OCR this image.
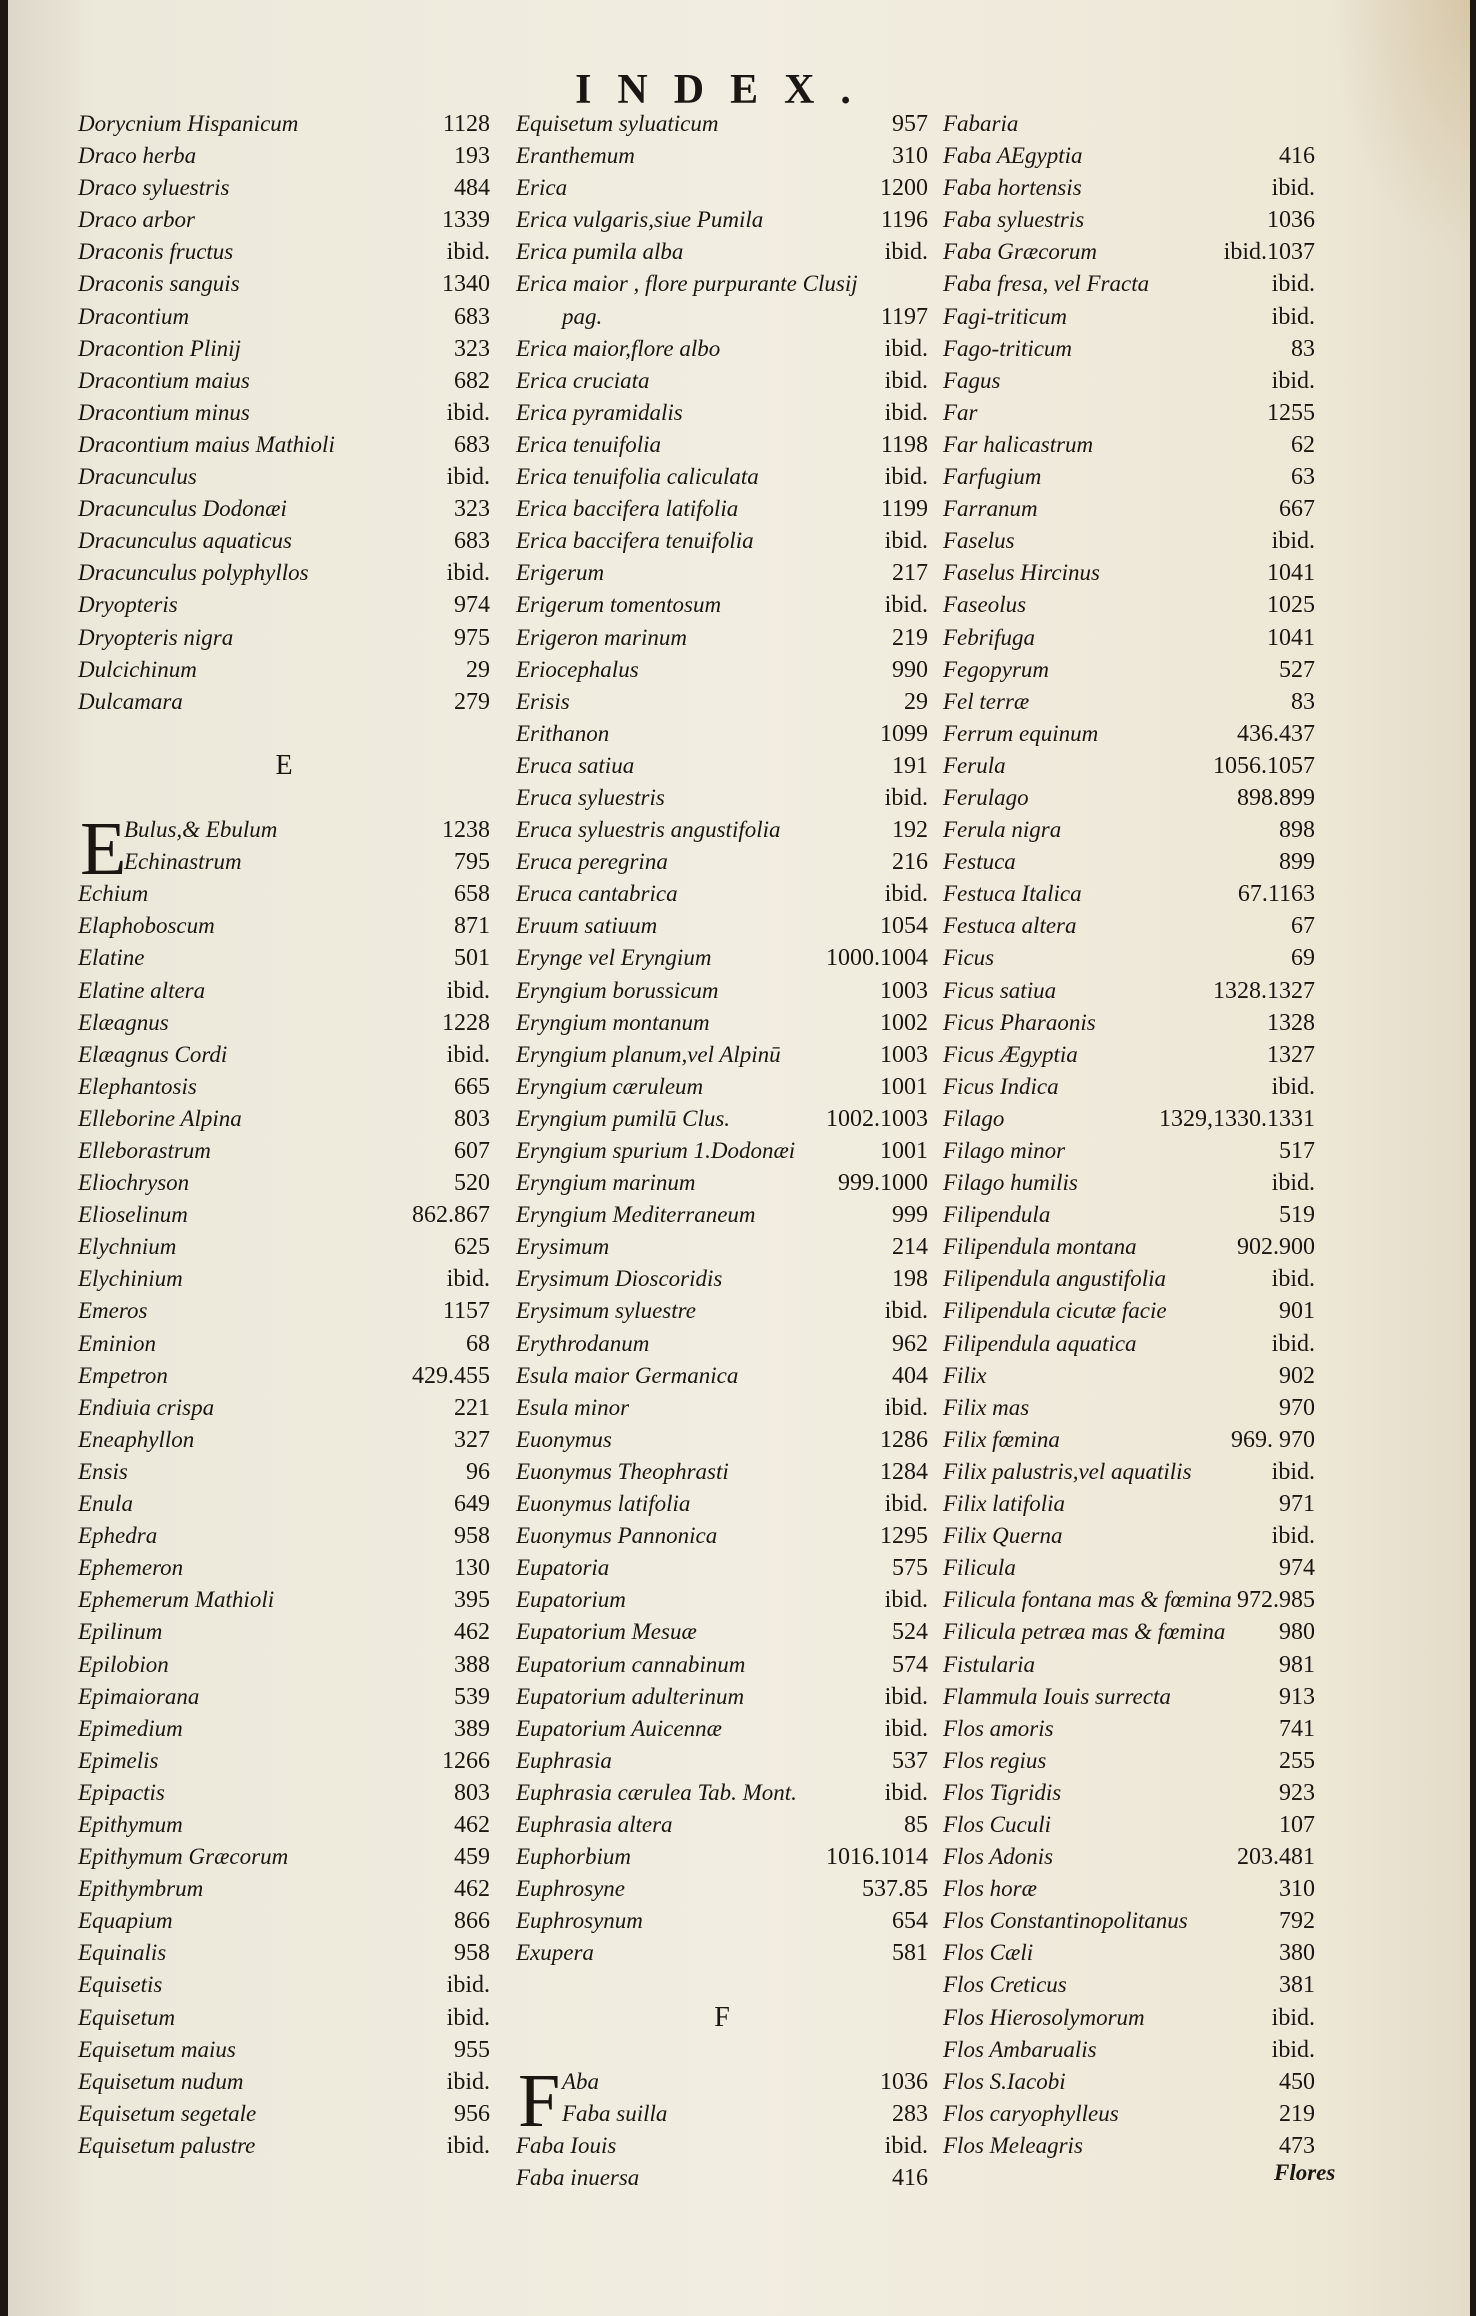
INDEX.
Dorycnium Hispanicum	1128
Draco herba	193
Draco syluestris	484
Draco arbor	1339
Draconis fructus	ibid.
Draconis sanguis	1340
Dracontium	683
Dracontion Plinij	323
Dracontium maius	682
Dracontium minus	ibid.
Dracontium maius Mathioli	683
Dracunculus	ibid.
Dracunculus Dodonæi	323
Dracunculus aquaticus	683
Dracunculus polyphyllos	ibid.
Dryopteris	974
Dryopteris nigra	975
Dulcichinum	29
Dulcamara	279
E
E
Bulus,& Ebulum	1238
Echinastrum	795
Echium	658
Elaphoboscum	871
Elatine	501
Elatine altera	ibid.
Elæagnus	1228
Elæagnus Cordi	ibid.
Elephantosis	665
Elleborine Alpina	803
Elleborastrum	607
Eliochryson	520
Elioselinum	862.867
Elychnium	625
Elychinium	ibid.
Emeros	1157
Eminion	68
Empetron	429.455
Endiuia crispa	221
Eneaphyllon	327
Ensis	96
Enula	649
Ephedra	958
Ephemeron	130
Ephemerum Mathioli	395
Epilinum	462
Epilobion	388
Epimaiorana	539
Epimedium	389
Epimelis	1266
Epipactis	803
Epithymum	462
Epithymum Græcorum	459
Epithymbrum	462
Equapium	866
Equinalis	958
Equisetis	ibid.
Equisetum	ibid.
Equisetum maius	955
Equisetum nudum	ibid.
Equisetum segetale	956
Equisetum palustre	ibid.
Equisetum syluaticum	957
Eranthemum	310
Erica	1200
Erica vulgaris,siue Pumila	1196
Erica pumila alba	ibid.
Erica maior , flore purpurante Clusij
pag.	1197
Erica maior,flore albo	ibid.
Erica cruciata	ibid.
Erica pyramidalis	ibid.
Erica tenuifolia	1198
Erica tenuifolia caliculata	ibid.
Erica baccifera latifolia	1199
Erica baccifera tenuifolia	ibid.
Erigerum	217
Erigerum tomentosum	ibid.
Erigeron marinum	219
Eriocephalus	990
Erisis	29
Erithanon	1099
Eruca satiua	191
Eruca syluestris	ibid.
Eruca syluestris angustifolia	192
Eruca peregrina	216
Eruca cantabrica	ibid.
Eruum satiuum	1054
Erynge vel Eryngium	1000.1004
Eryngium borussicum	1003
Eryngium montanum	1002
Eryngium planum,vel Alpinū	1003
Eryngium cæruleum	1001
Eryngium pumilū Clus.	1002.1003
Eryngium spurium 1.Dodonæi	1001
Eryngium marinum	999.1000
Eryngium Mediterraneum	999
Erysimum	214
Erysimum Dioscoridis	198
Erysimum syluestre	ibid.
Erythrodanum	962
Esula maior Germanica	404
Esula minor	ibid.
Euonymus	1286
Euonymus Theophrasti	1284
Euonymus latifolia	ibid.
Euonymus Pannonica	1295
Eupatoria	575
Eupatorium	ibid.
Eupatorium Mesuæ	524
Eupatorium cannabinum	574
Eupatorium adulterinum	ibid.
Eupatorium Auicennæ	ibid.
Euphrasia	537
Euphrasia cærulea Tab. Mont.	ibid.
Euphrasia altera	85
Euphorbium	1016.1014
Euphrosyne	537.85
Euphrosynum	654
Exupera	581
F
F Aba	1036
Faba suilla	283
Faba Iouis	ibid.
Faba inuersa	416
Fabaria
Faba AEgyptia	416
Faba hortensis	ibid.
Faba syluestris	1036
Faba Græcorum	ibid.1037
Faba fresa, vel Fracta	ibid.
Fagi-triticum	ibid.
Fago-triticum	83
Fagus	ibid.
Far	1255
Far halicastrum	62
Farfugium	63
Farranum	667
Faselus	ibid.
Faselus Hircinus	1041
Faseolus	1025
Febrifuga	1041
Fegopyrum	527
Fel terræ	83
Ferrum equinum	436.437
Ferula	1056.1057
Ferulago	898.899
Ferula nigra	898
Festuca	899
Festuca Italica	67.1163
Festuca altera	67
Ficus	69
Ficus satiua	1328.1327
Ficus Pharaonis	1328
Ficus Ægyptia	1327
Ficus Indica	ibid.
Filago	1329,1330.1331
Filago minor	517
Filago humilis	ibid.
Filipendula	519
Filipendula montana	902.900
Filipendula angustifolia	ibid.
Filipendula cicutæ facie	901
Filipendula aquatica	ibid.
Filix	902
Filix mas	970
Filix fœmina	969. 970
Filix palustris,vel aquatilis	ibid.
Filix latifolia	971
Filix Querna	ibid.
Filicula	974
Filicula fontana mas & fœmina 972.985
Filicula petræa mas & fœmina 980
Fistularia	981
Flammula Iouis surrecta	913
Flos amoris	741
Flos regius	255
Flos Tigridis	923
Flos Cuculi	107
Flos Adonis	203.481
Flos horæ	310
Flos Constantinopolitanus	792
Flos Cæli	380
Flos Creticus	381
Flos Hierosolymorum	ibid.
Flos Ambarualis	ibid.
Flos S.Iacobi	450
Flos caryophylleus	219
Flos Meleagris	473
Flores
